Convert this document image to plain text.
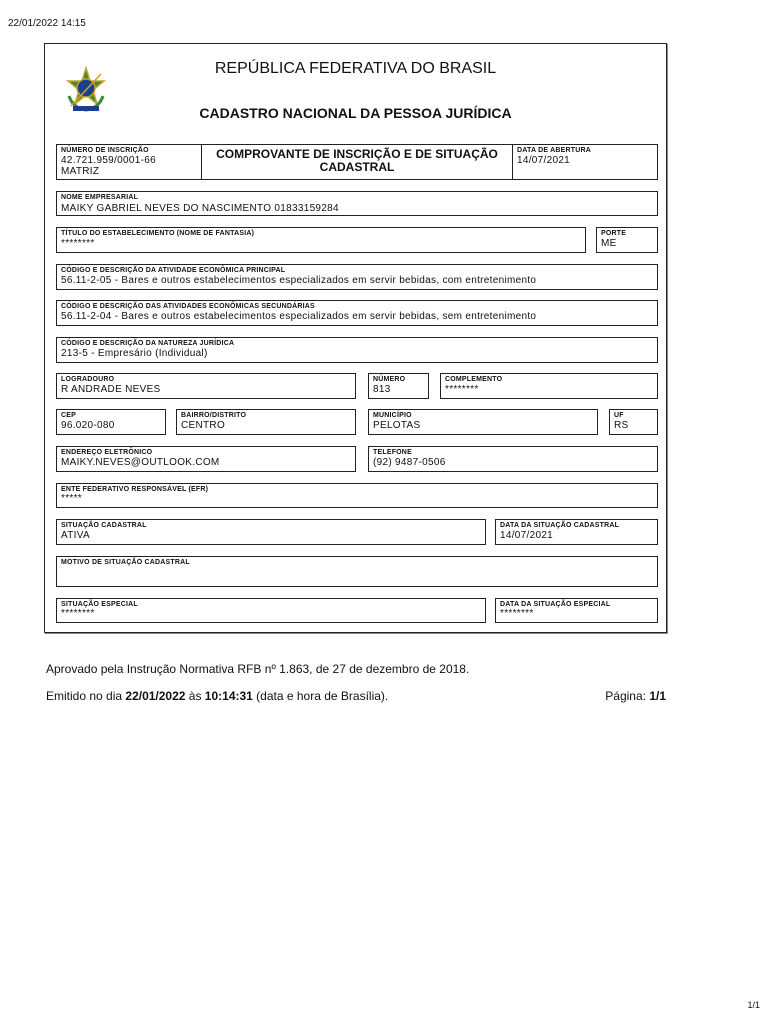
22/01/2022 14:15
REPÚBLICA FEDERATIVA DO BRASIL
CADASTRO NACIONAL DA PESSOA JURÍDICA
NÚMERO DE INSCRIÇÃO
42.721.959/0001-66
MATRIZ
COMPROVANTE DE INSCRIÇÃO E DE SITUAÇÃO
CADASTRAL
DATA DE ABERTURA
14/07/2021
NOME EMPRESARIAL
MAIKY GABRIEL NEVES DO NASCIMENTO 01833159284
TÍTULO DO ESTABELECIMENTO (NOME DE FANTASIA)
********
PORTE
ME
CÓDIGO E DESCRIÇÃO DA ATIVIDADE ECONÔMICA PRINCIPAL
56.11-2-05 - Bares e outros estabelecimentos especializados em servir bebidas, com entretenimento
CÓDIGO E DESCRIÇÃO DAS ATIVIDADES ECONÔMICAS SECUNDÁRIAS
56.11-2-04 - Bares e outros estabelecimentos especializados em servir bebidas, sem entretenimento
CÓDIGO E DESCRIÇÃO DA NATUREZA JURÍDICA
213-5 - Empresário (Individual)
LOGRADOURO
R ANDRADE NEVES
NÚMERO
813
COMPLEMENTO
********
CEP
96.020-080
BAIRRO/DISTRITO
CENTRO
MUNICÍPIO
PELOTAS
UF
RS
ENDEREÇO ELETRÔNICO
MAIKY.NEVES@OUTLOOK.COM
TELEFONE
(92) 9487-0506
ENTE FEDERATIVO RESPONSÁVEL (EFR)
*****
SITUAÇÃO CADASTRAL
ATIVA
DATA DA SITUAÇÃO CADASTRAL
14/07/2021
MOTIVO DE SITUAÇÃO CADASTRAL
SITUAÇÃO ESPECIAL
********
DATA DA SITUAÇÃO ESPECIAL
********
Aprovado pela Instrução Normativa RFB nº 1.863, de 27 de dezembro de 2018.
Emitido no dia 22/01/2022 às 10:14:31 (data e hora de Brasília).	Página: 1/1
1/1
